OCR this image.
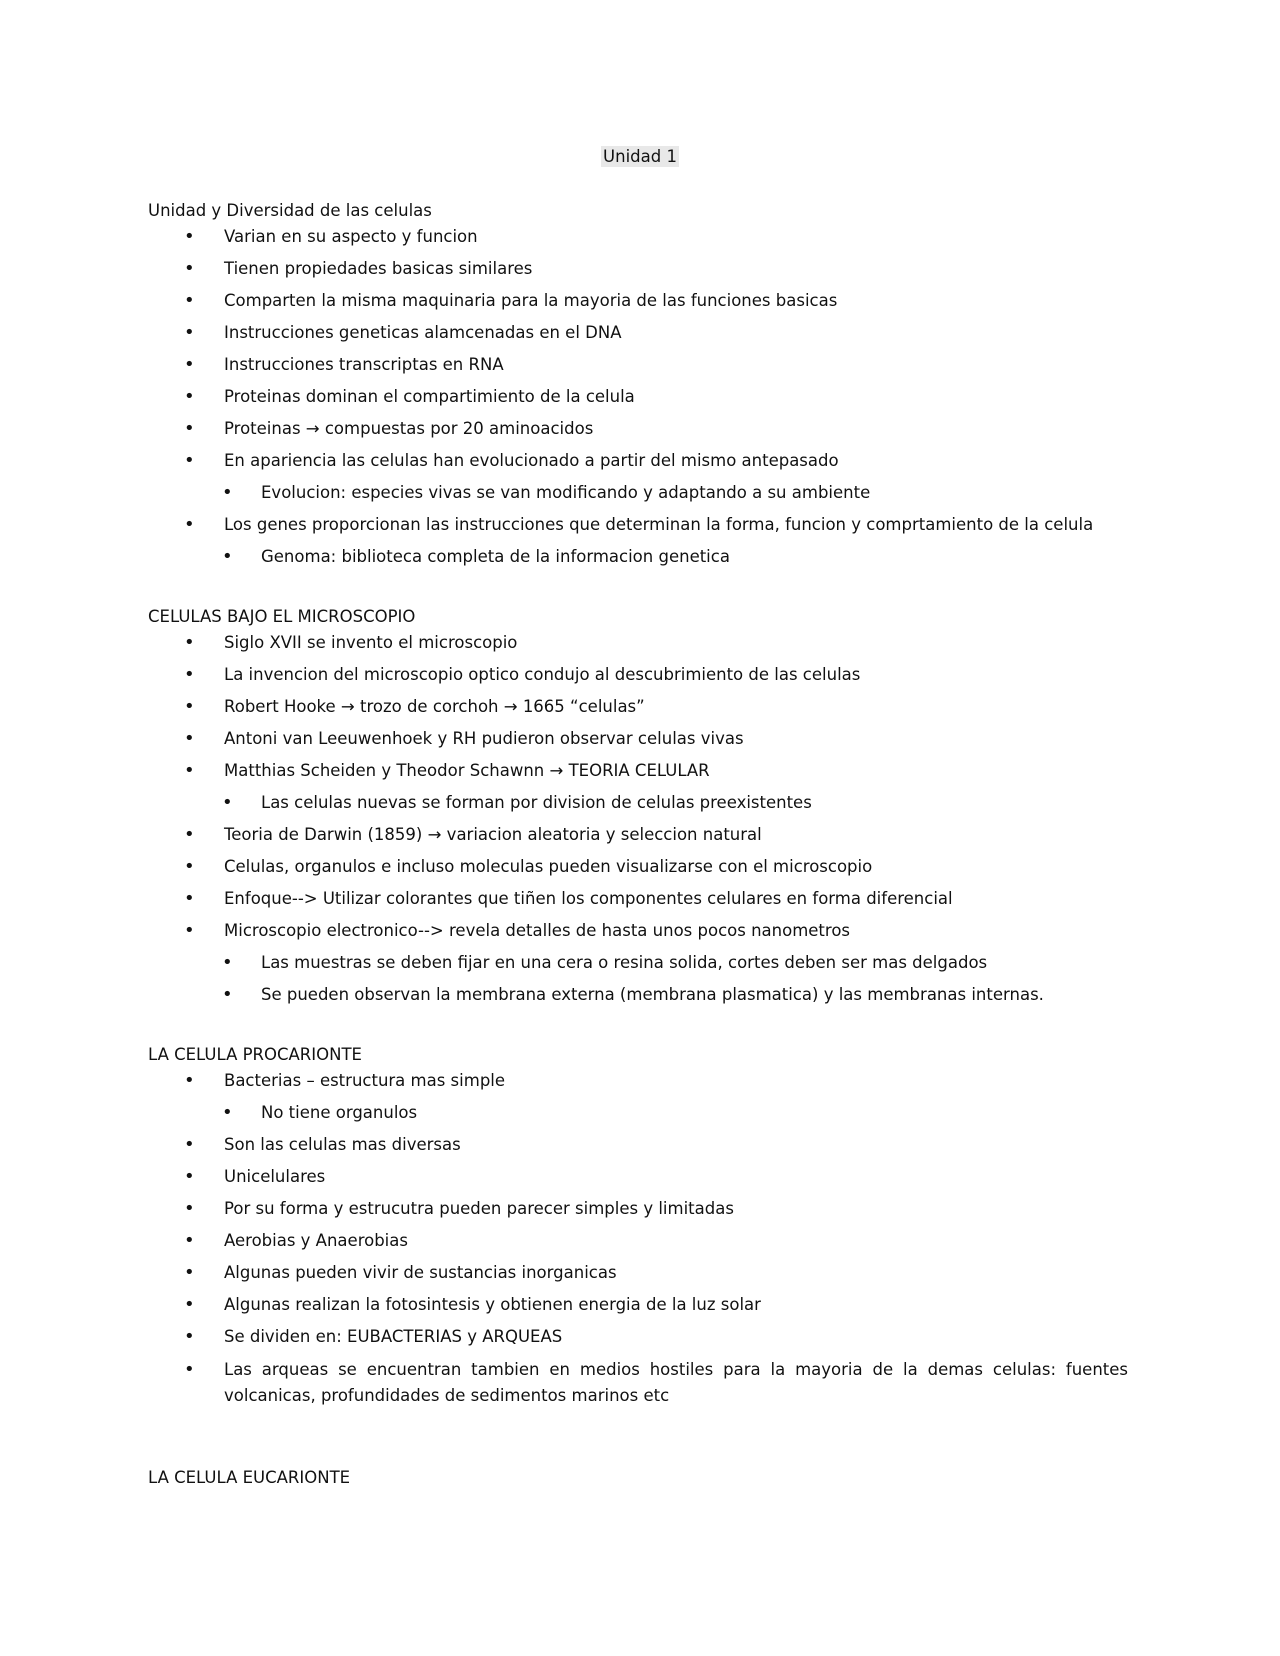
Unidad 1
Unidad y Diversidad de las celulas
• Varian en su aspecto y funcion
• Tienen propiedades basicas similares
• Comparten la misma maquinaria para la mayoria de las funciones basicas
• Instrucciones geneticas alamcenadas en el DNA
• Instrucciones transcriptas en RNA
• Proteinas dominan el compartimiento de la celula
• Proteinas → compuestas por 20 aminoacidos
• En apariencia las celulas han evolucionado a partir del mismo antepasado
• Evolucion: especies vivas se van modificando y adaptando a su ambiente
• Los genes proporcionan las instrucciones que determinan la forma, funcion y comprtamiento de la celula
• Genoma: biblioteca completa de la informacion genetica
CELULAS BAJO EL MICROSCOPIO
• Siglo XVII se invento el microscopio
• La invencion del microscopio optico condujo al descubrimiento de las celulas
• Robert Hooke → trozo de corchoh → 1665 “celulas”
• Antoni van Leeuwenhoek y RH pudieron observar celulas vivas
• Matthias Scheiden y Theodor Schawnn → TEORIA CELULAR
• Las celulas nuevas se forman por division de celulas preexistentes
• Teoria de Darwin (1859) → variacion aleatoria y seleccion natural
• Celulas, organulos e incluso moleculas pueden visualizarse con el microscopio
• Enfoque--> Utilizar colorantes que tiñen los componentes celulares en forma diferencial
• Microscopio electronico--> revela detalles de hasta unos pocos nanometros
• Las muestras se deben fijar en una cera o resina solida, cortes deben ser mas delgados
• Se pueden observan la membrana externa (membrana plasmatica) y las membranas internas.
LA CELULA PROCARIONTE
• Bacterias – estructura mas simple
• No tiene organulos
• Son las celulas mas diversas
• Unicelulares
• Por su forma y estrucutra pueden parecer simples y limitadas
• Aerobias y Anaerobias
• Algunas pueden vivir de sustancias inorganicas
• Algunas realizan la fotosintesis y obtienen energia de la luz solar
• Se dividen en: EUBACTERIAS y ARQUEAS
• Las arqueas se encuentran tambien en medios hostiles para la mayoria de la demas celulas: fuentes volcanicas, profundidades de sedimentos marinos etc
LA CELULA EUCARIONTE
